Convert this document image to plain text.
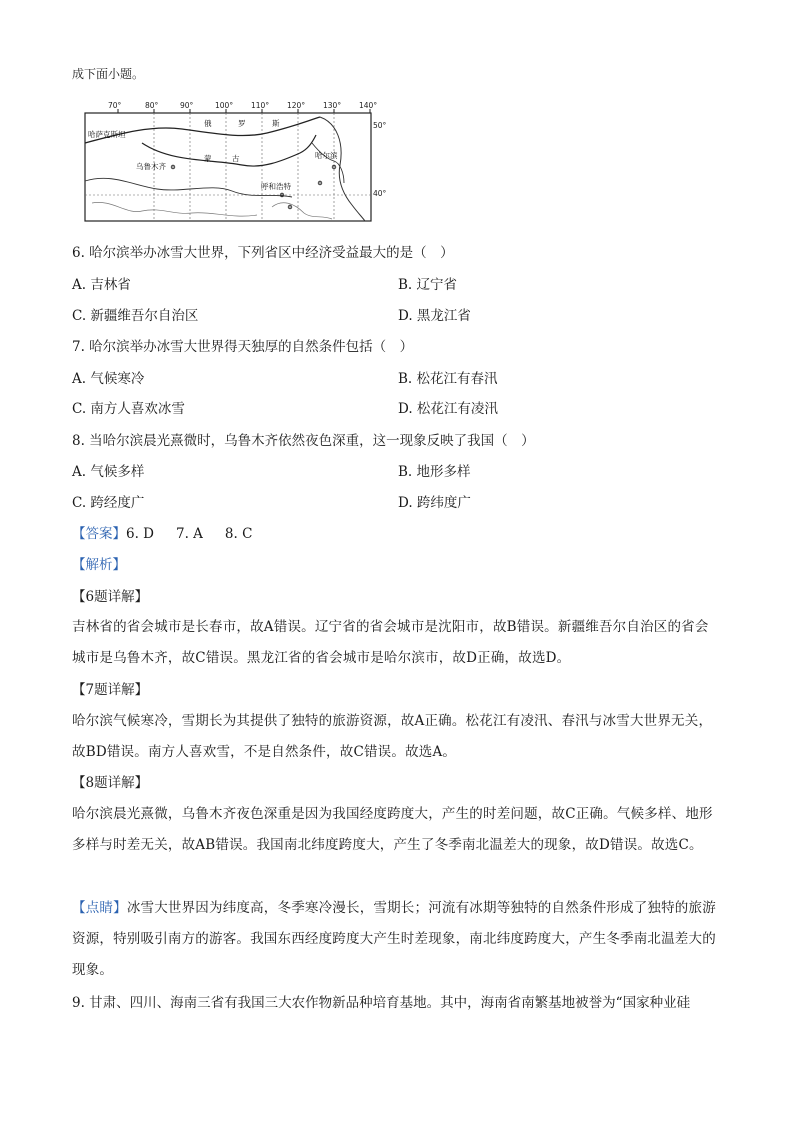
成下面小题。
70°	80°	90°	100° 110° 120° 130° 140°
50°
40°
哈萨克斯坦
俄	罗	斯
蒙	古
乌鲁木齐
哈尔滨
呼和浩特
6. 哈尔滨举办冰雪大世界，下列省区中经济受益最大的是（　）
A. 吉林省	B. 辽宁省
C. 新疆维吾尔自治区	D. 黑龙江省
7. 哈尔滨举办冰雪大世界得天独厚的自然条件包括（　）
A. 气候寒冷	B. 松花江有春汛
C. 南方人喜欢冰雪	D. 松花江有凌汛
8. 当哈尔滨晨光熹微时，乌鲁木齐依然夜色深重，这一现象反映了我国（　）
A. 气候多样	B. 地形多样
C. 跨经度广	D. 跨纬度广
【答案】6. D 7. A 8. C
【解析】
【6题详解】
吉林省的省会城市是长春市，故A错误。辽宁省的省会城市是沈阳市，故B错误。新疆维吾尔自治区的省会城市是乌鲁木齐，故C错误。黑龙江省的省会城市是哈尔滨市，故D正确，故选D。
【7题详解】
哈尔滨气候寒冷，雪期长为其提供了独特的旅游资源，故A正确。松花江有凌汛、春汛与冰雪大世界无关，故BD错误。南方人喜欢雪，不是自然条件，故C错误。故选A。
【8题详解】
哈尔滨晨光熹微，乌鲁木齐夜色深重是因为我国经度跨度大，产生的时差问题，故C正确。气候多样、地形多样与时差无关，故AB错误。我国南北纬度跨度大，产生了冬季南北温差大的现象，故D错误。故选C。
【点睛】冰雪大世界因为纬度高，冬季寒冷漫长，雪期长；河流有冰期等独特的自然条件形成了独特的旅游资源，特别吸引南方的游客。我国东西经度跨度大产生时差现象，南北纬度跨度大，产生冬季南北温差大的现象。
9. 甘肃、四川、海南三省有我国三大农作物新品种培育基地。其中，海南省南繁基地被誉为“国家种业硅
